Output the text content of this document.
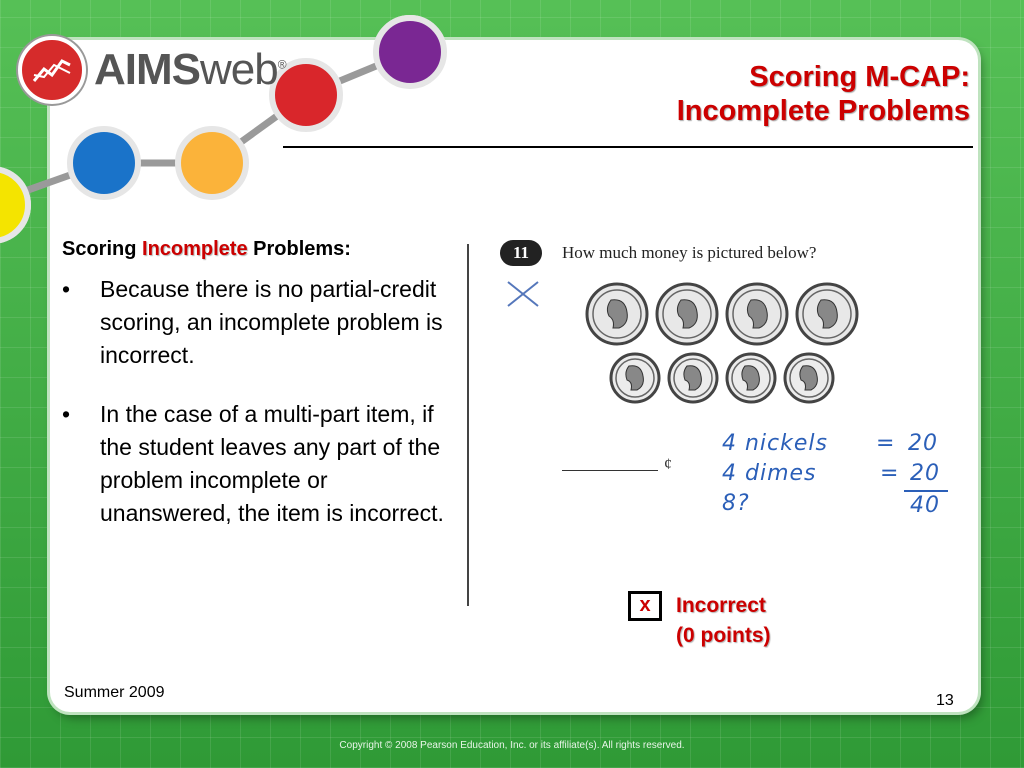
AIMSweb®	Scoring M-CAP:
Incomplete Problems

Scoring Incomplete Problems:

• Because there is no partial-credit scoring, an incomplete problem is incorrect.
• In the case of a multi-part item, if the student leaves any part of the problem incomplete or unanswered, the item is incorrect.
11	How much money is pictured below?
¢
4 nickels = 20
4 dimes	= 20
8?	40
x	Incorrect
(0 points)
Summer 2009	13
Copyright © 2008 Pearson Education, Inc. or its affiliate(s). All rights reserved.
